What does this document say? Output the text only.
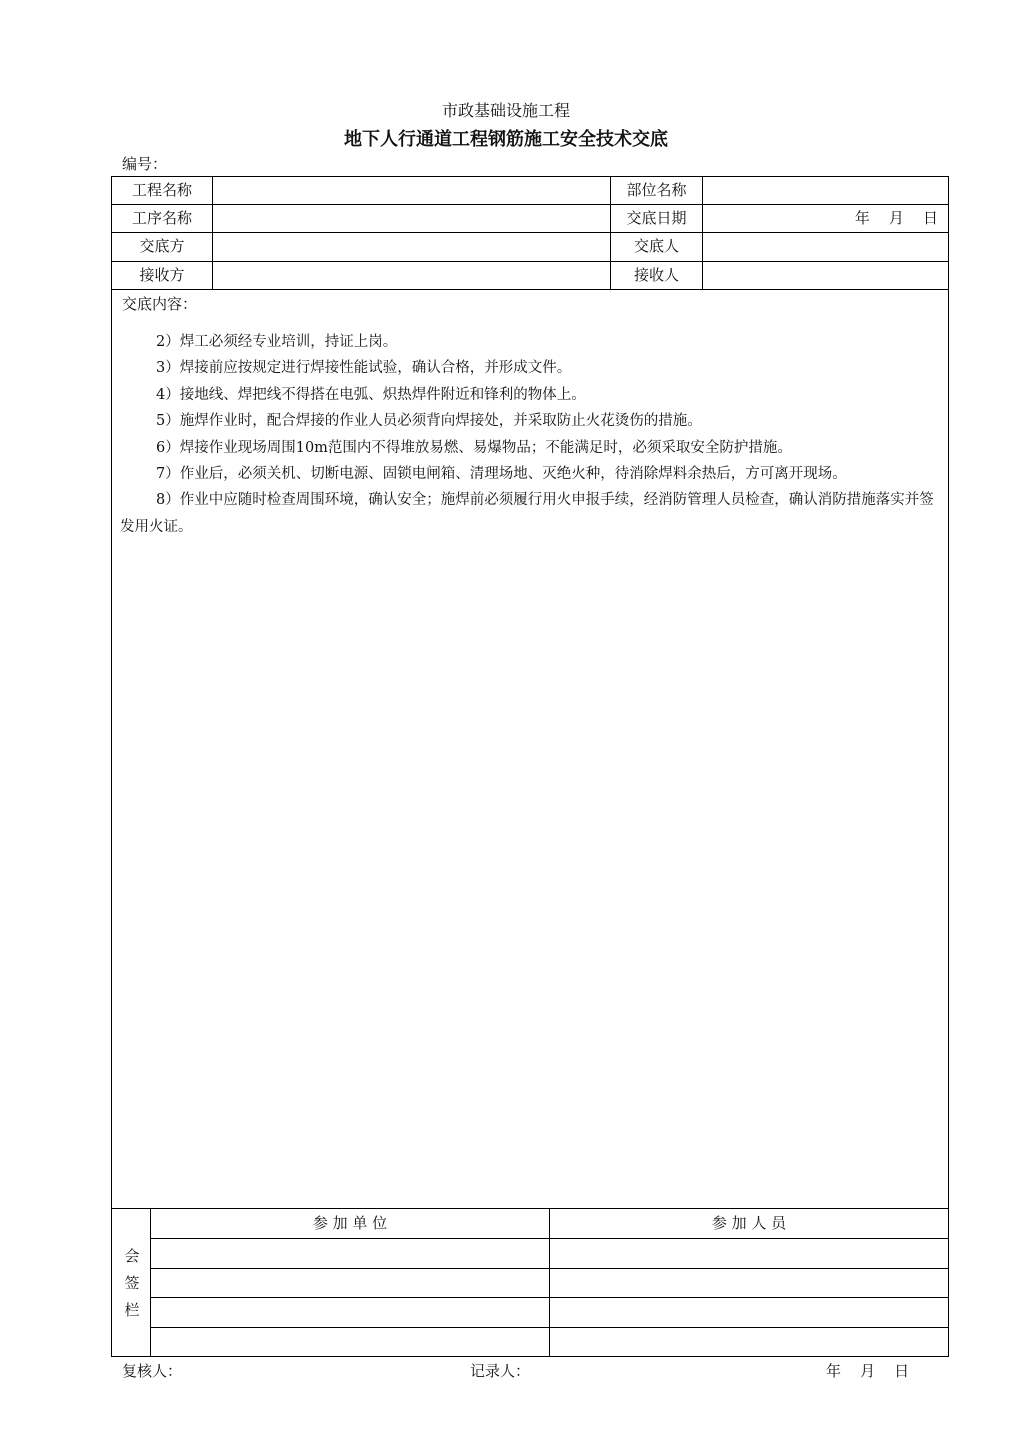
市政基础设施工程
地下人行通道工程钢筋施工安全技术交底
编号：
工程名称	部位名称
工序名称	交底日期	年    月    日
交底方	交底人
接收方	接收人
交底内容：

2）焊工必须经专业培训，持证上岗。

3）焊接前应按规定进行焊接性能试验，确认合格，并形成文件。

4）接地线、焊把线不得搭在电弧、炽热焊件附近和锋利的物体上。

5）施焊作业时，配合焊接的作业人员必须背向焊接处，并采取防止火花烫伤的措施。

6）焊接作业现场周围10m范围内不得堆放易燃、易爆物品；不能满足时，必须采取安全防护措施。

7）作业后，必须关机、切断电源、固锁电闸箱、清理场地、灭绝火种，待消除焊料余热后，方可离开现场。

8）作业中应随时检查周围环境，确认安全；施焊前必须履行用火申报手续，经消防管理人员检查，确认消防措施落实并签发用火证。

会
签
栏
参 加 单 位	参 加 人 员
复核人：	记录人：	年    月    日
